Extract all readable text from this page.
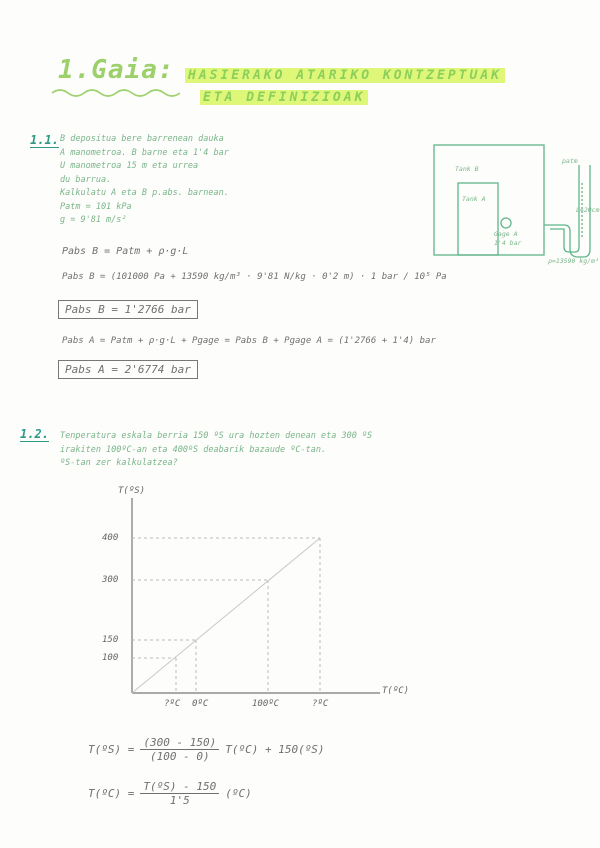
1.Gaia: HASIERAKO ATARIKO KONTZEPTUAK
ETA DEFINIZIOAK
1.1. B depositua bere barrenean dauka
A manometroa. B barne eta 1'4 bar
U manometroa 15 m eta urrea
du barrua.
Kalkulatu A eta B p.abs. barnean.
Patm = 101 kPa
g = 9'81 m/s²
Tank B
Tank A
Gage A
1'4 bar
patm
L=20cm
ρ=13590 kg/m³
Pabs B = Patm + ρ·g·L
Pabs B = (101000 Pa + 13590 kg/m³ · 9'81 N/kg · 0'2 m) · 1 bar / 10⁵ Pa
Pabs B = 1'2766 bar
Pabs A = Patm + ρ·g·L + Pgage = Pabs B + Pgage A = (1'2766 + 1'4) bar
Pabs A = 2'6774 bar
1.2. Tenperatura eskala berria 150 ºS ura hozten denean eta 300 ºS
irakiten 100ºC-an eta 400ºS deabarik bazaude ºC-tan.
ºS-tan zer kalkulatzea?
T(ºS)
T(ºC)
400
300
150
100
?ºC 0ºC	100ºC	?ºC
T(ºS) = $\frac{(300 - 150)}{(100 - 0)}$ T(ºC) + 150(ºS)
T(ºC) = $\frac{\text{T(ºS) - 150}}{1'5}$ (ºC)
